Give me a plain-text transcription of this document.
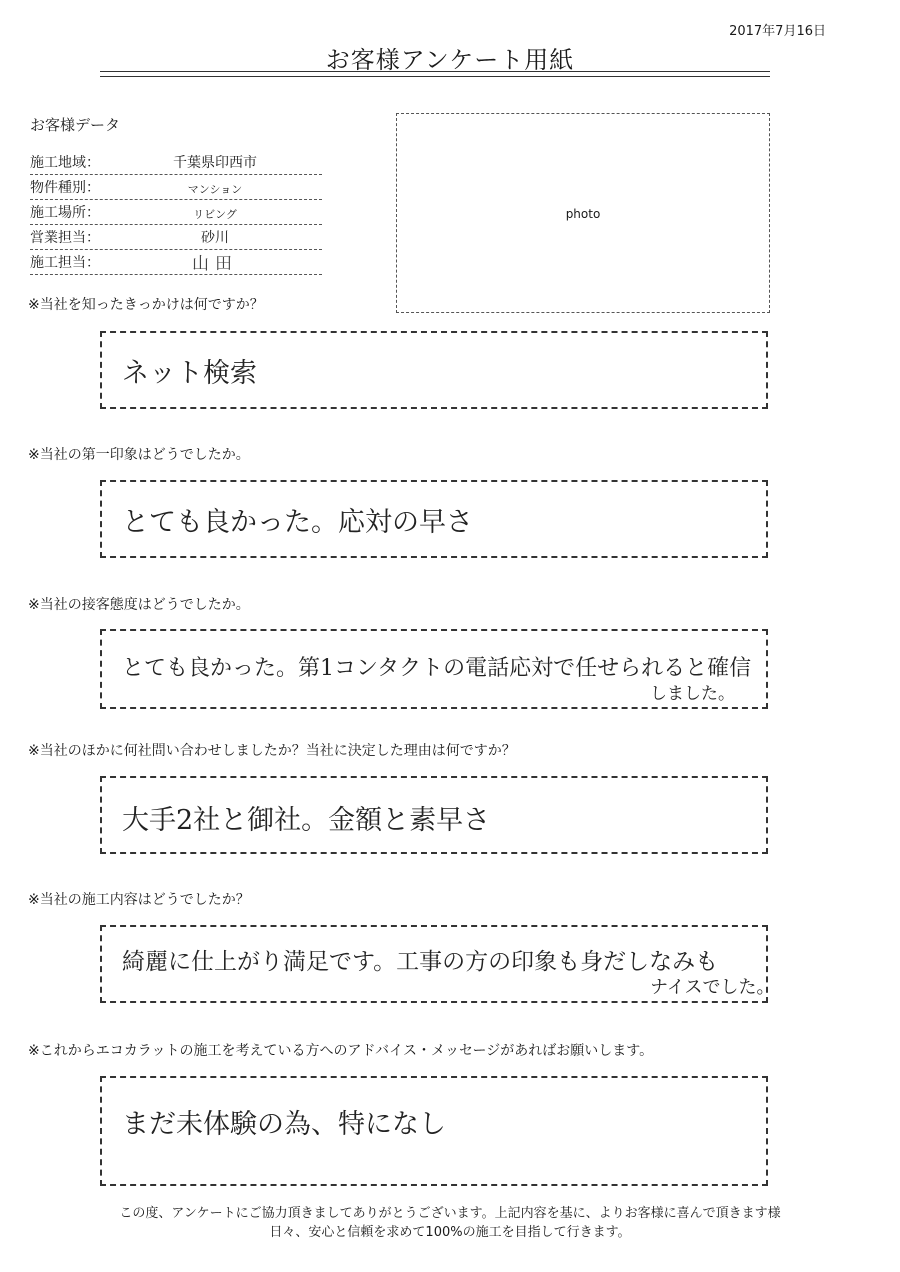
2017年7月16日
お客様アンケート用紙
お客様データ
施工地域：	千葉県印西市
物件種別：	マンション
施工場所：	リビング
営業担当：	砂川
施工担当：	山田
photo
※当社を知ったきっかけは何ですか？
ネット検索
※当社の第一印象はどうでしたか。
とても良かった。応対の早さ
※当社の接客態度はどうでしたか。
とても良かった。第1コンタクトの電話応対で任せられると確信
しました。
※当社のほかに何社問い合わせしましたか？当社に決定した理由は何ですか？
大手2社と御社。金額と素早さ
※当社の施工内容はどうでしたか？
綺麗に仕上がり満足です。工事の方の印象も身だしなみも
ナイスでした。
※これからエコカラットの施工を考えている方へのアドバイス・メッセージがあればお願いします。
まだ未体験の為、特になし
この度、アンケートにご協力頂きましてありがとうございます。上記内容を基に、よりお客様に喜んで頂きます様
日々、安心と信頼を求めて100%の施工を目指して行きます。
